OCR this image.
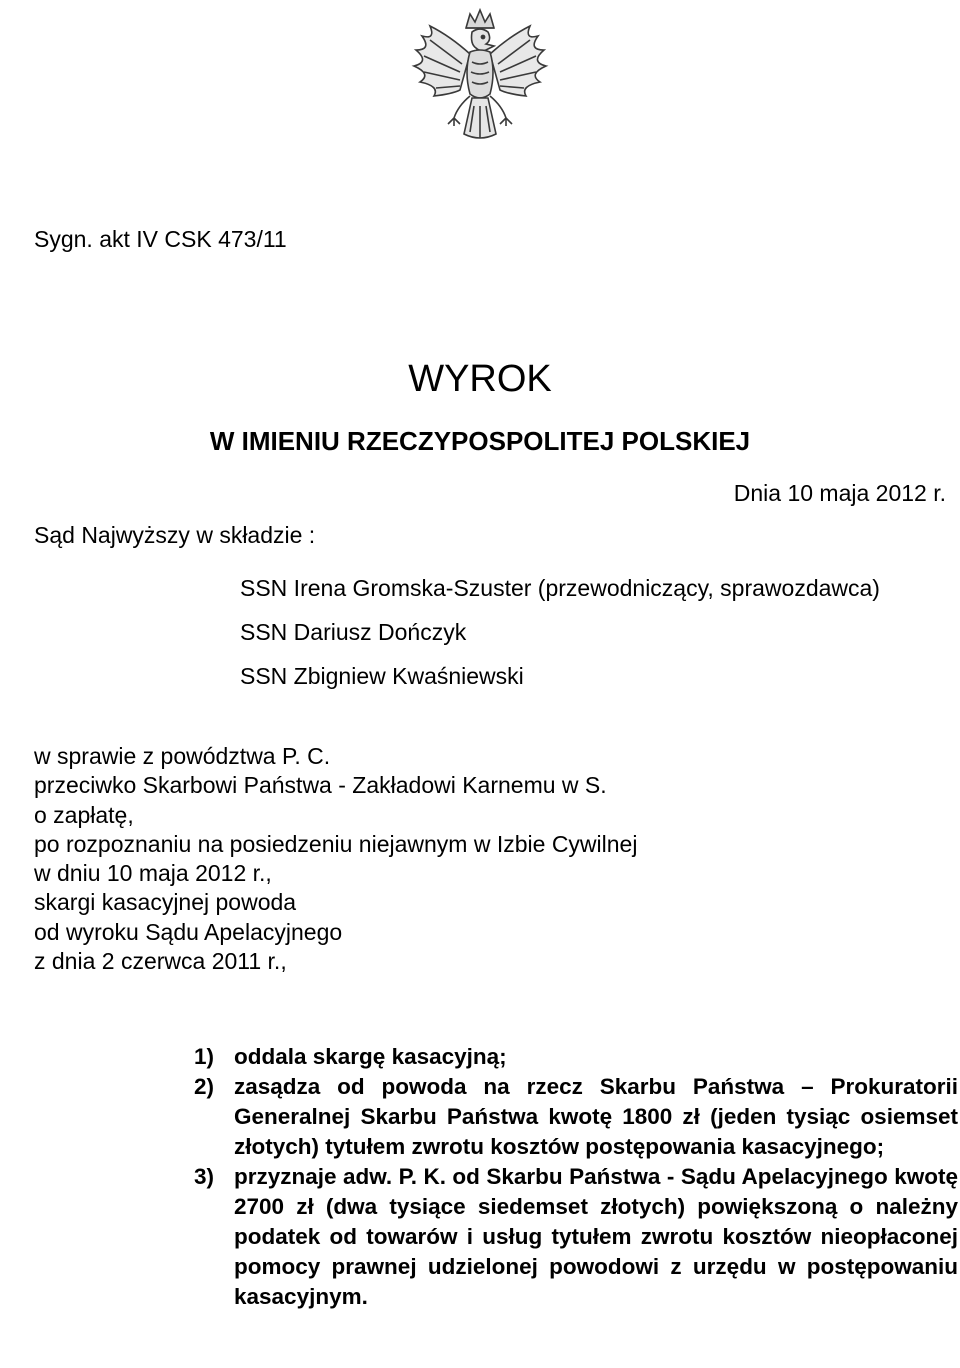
Sygn. akt IV CSK 473/11
WYROK
W IMIENIU RZECZYPOSPOLITEJ POLSKIEJ
Dnia 10 maja 2012 r.
Sąd Najwyższy w składzie :
SSN Irena Gromska-Szuster (przewodniczący, sprawozdawca)
SSN Dariusz Dończyk
SSN Zbigniew Kwaśniewski
w sprawie z powództwa P. C.
przeciwko Skarbowi Państwa - Zakładowi Karnemu w S.
o zapłatę,
po rozpoznaniu na posiedzeniu niejawnym w Izbie Cywilnej
w dniu 10 maja 2012 r.,
skargi kasacyjnej powoda
od wyroku Sądu Apelacyjnego
z dnia 2 czerwca 2011 r.,
1) oddala skargę kasacyjną;
2) zasądza od powoda na rzecz Skarbu Państwa – Prokuratorii Generalnej Skarbu Państwa kwotę 1800 zł (jeden tysiąc osiemset złotych) tytułem zwrotu kosztów postępowania kasacyjnego;
3) przyznaje adw. P. K. od Skarbu Państwa - Sądu Apelacyjnego kwotę 2700 zł (dwa tysiące siedemset złotych) powiększoną o należny podatek od towarów i usług tytułem zwrotu kosztów nieopłaconej pomocy prawnej udzielonej powodowi z urzędu w postępowaniu kasacyjnym.
